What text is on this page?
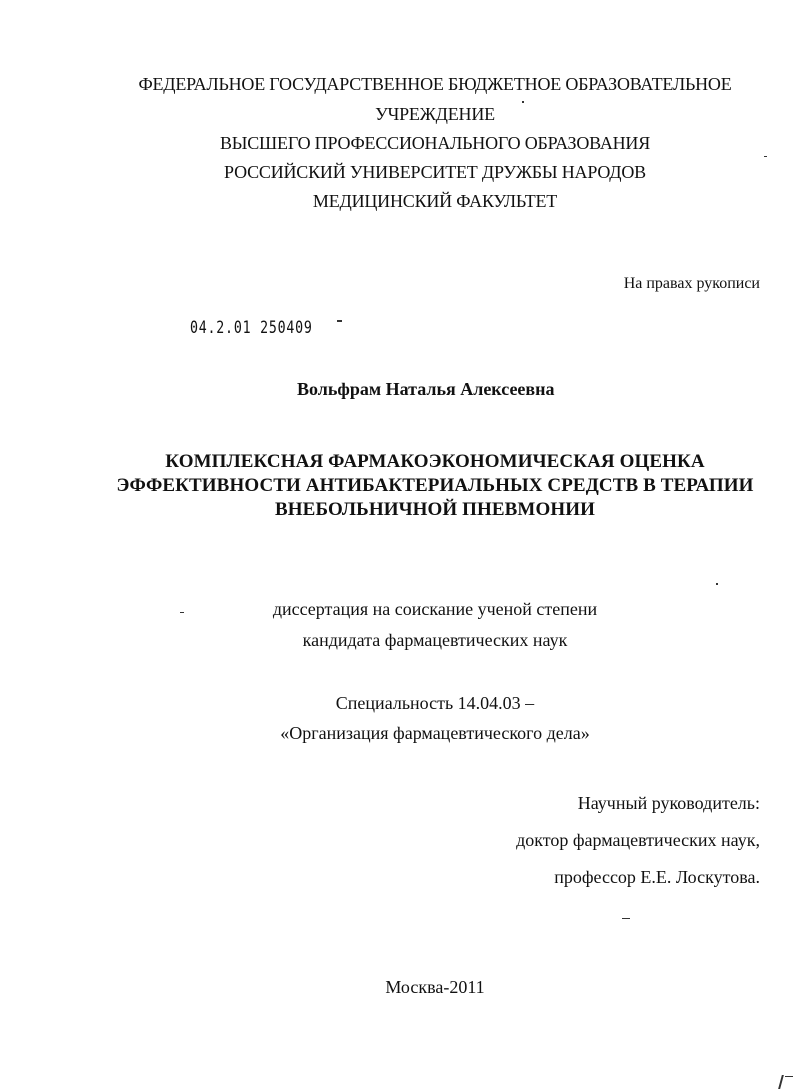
ФЕДЕРАЛЬНОЕ ГОСУДАРСТВЕННОЕ БЮДЖЕТНОЕ ОБРАЗОВАТЕЛЬНОЕ
УЧРЕЖДЕНИЕ
ВЫСШЕГО ПРОФЕССИОНАЛЬНОГО ОБРАЗОВАНИЯ
РОССИЙСКИЙ УНИВЕРСИТЕТ ДРУЖБЫ НАРОДОВ
МЕДИЦИНСКИЙ ФАКУЛЬТЕТ
На правах рукописи
04.2.01 250409
Вольфрам Наталья Алексеевна
КОМПЛЕКСНАЯ ФАРМАКОЭКОНОМИЧЕСКАЯ ОЦЕНКА
ЭФФЕКТИВНОСТИ АНТИБАКТЕРИАЛЬНЫХ СРЕДСТВ В ТЕРАПИИ
ВНЕБОЛЬНИЧНОЙ ПНЕВМОНИИ
диссертация на соискание ученой степени
кандидата фармацевтических наук
Специальность 14.04.03 –
«Организация фармацевтического дела»
Научный руководитель:
доктор фармацевтических наук,
профессор Е.Е. Лоскутова.
Москва-2011
